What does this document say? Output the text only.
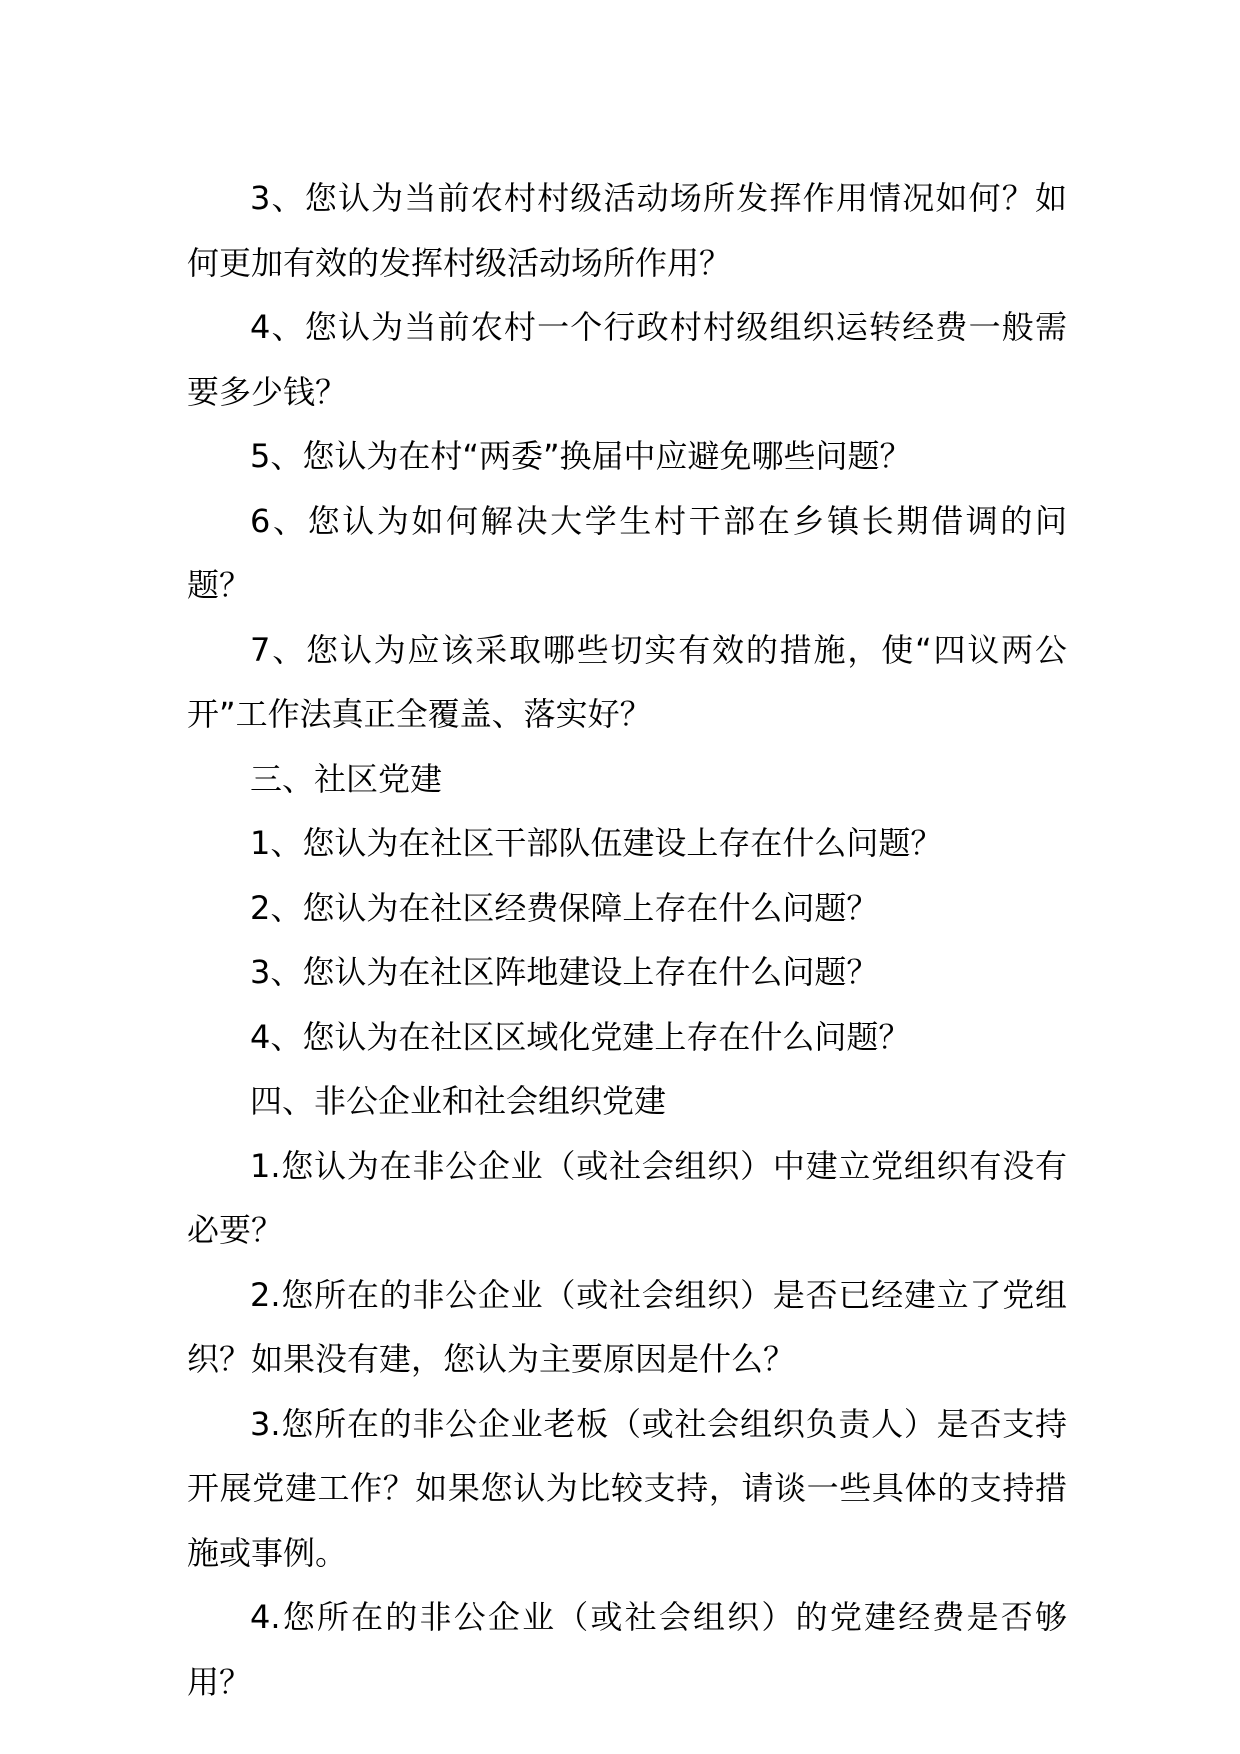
3、您认为当前农村村级活动场所发挥作用情况如何？如何更加有效的发挥村级活动场所作用？

4、您认为当前农村一个行政村村级组织运转经费一般需要多少钱？

5、您认为在村“两委”换届中应避免哪些问题？

6、您认为如何解决大学生村干部在乡镇长期借调的问题？

7、您认为应该采取哪些切实有效的措施，使“四议两公开”工作法真正全覆盖、落实好？

三、社区党建

1、您认为在社区干部队伍建设上存在什么问题？

2、您认为在社区经费保障上存在什么问题？

3、您认为在社区阵地建设上存在什么问题？

4、您认为在社区区域化党建上存在什么问题？

四、非公企业和社会组织党建

1.您认为在非公企业（或社会组织）中建立党组织有没有必要？

2.您所在的非公企业（或社会组织）是否已经建立了党组织？如果没有建，您认为主要原因是什么？

3.您所在的非公企业老板（或社会组织负责人）是否支持开展党建工作？如果您认为比较支持，请谈一些具体的支持措施或事例。

4.您所在的非公企业（或社会组织）的党建经费是否够用？
